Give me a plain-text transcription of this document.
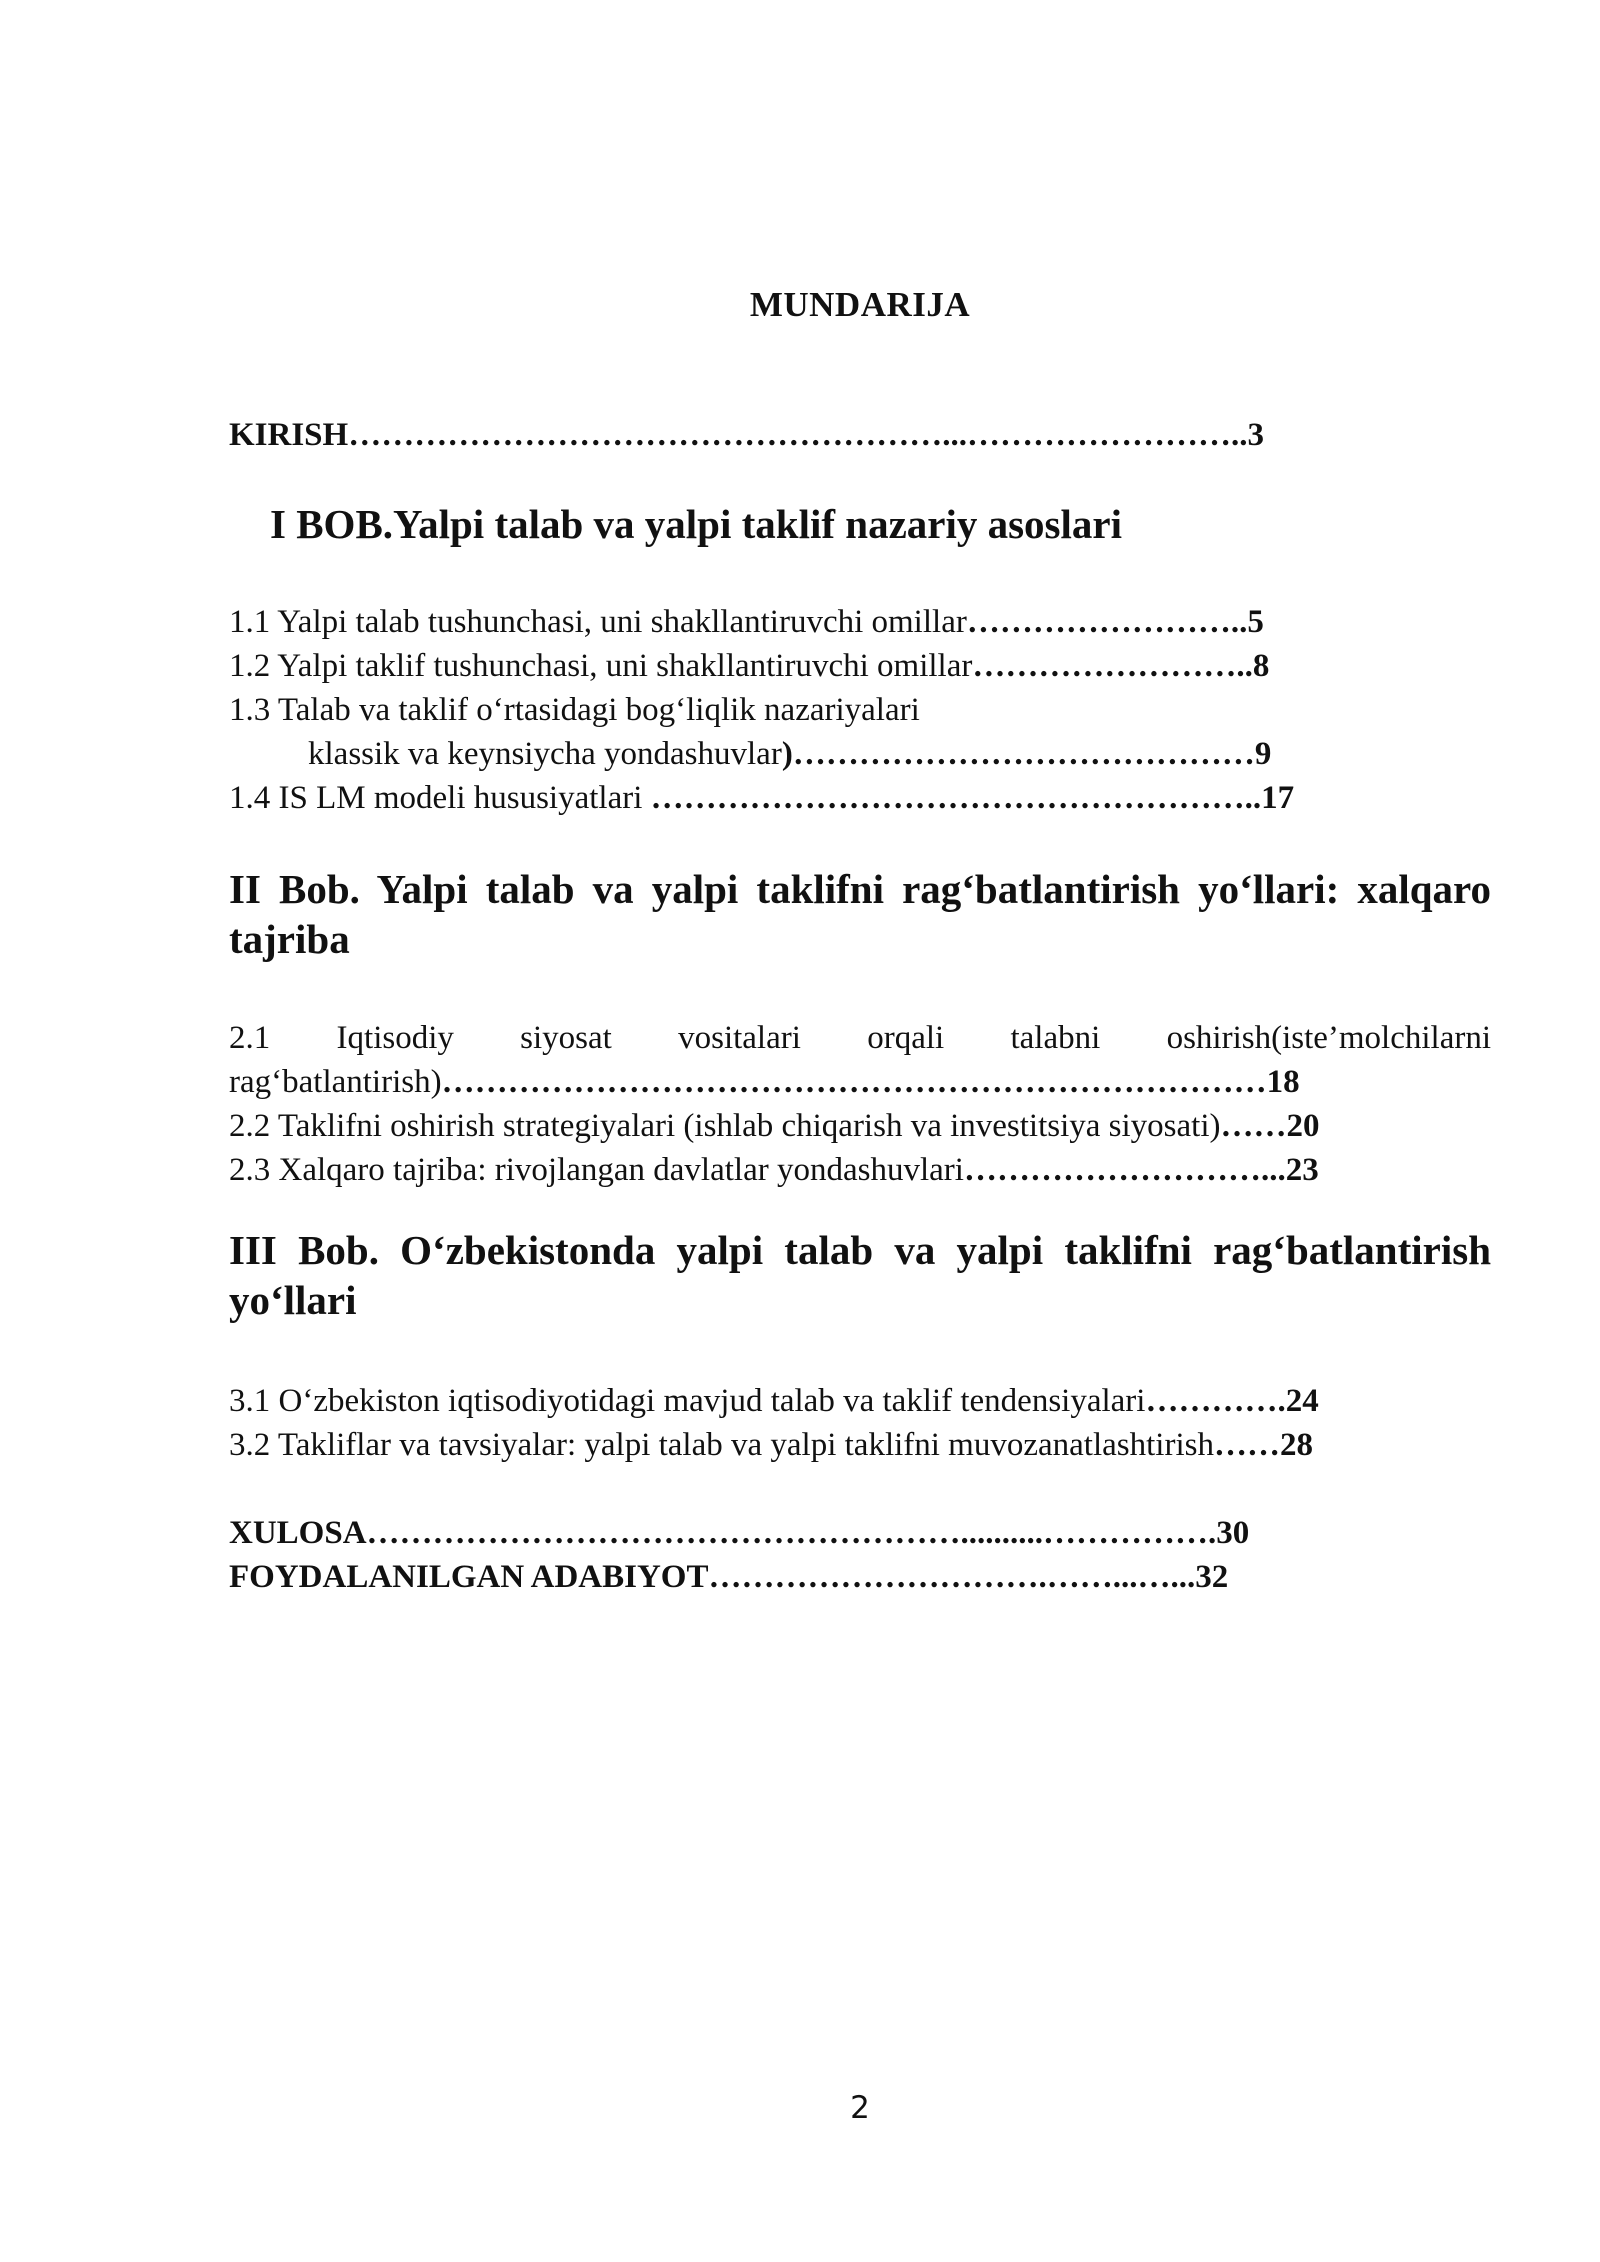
MUNDARIJA
KIRISH………………………………………………...……………………..3
I BOB.Yalpi talab va yalpi taklif nazariy asoslari
1.1 Yalpi talab tushunchasi, uni shakllantiruvchi omillar……………………..5
1.2 Yalpi taklif tushunchasi, uni shakllantiruvchi omillar……………………..8
1.3 Talab va taklif oʻrtasidagi bogʻliqlik nazariyalari
klassik va keynsiycha yondashuvlar)……………………………………9
1.4 IS LM modeli hususiyatlari ………………………………………………..17
II Bob. Yalpi talab va yalpi taklifni ragʻbatlantirish yoʻllari: xalqaro
tajriba
2.1 Iqtisodiy siyosat vositalari orqali talabni oshirish(iste’molchilarni
ragʻbatlantirish)…………………………………………………………………18
2.2 Taklifni oshirish strategiyalari (ishlab chiqarish va investitsiya siyosati)……20
2.3 Xalqaro tajriba: rivojlangan davlatlar yondashuvlari………………………...23
III Bob. Oʻzbekistonda yalpi talab va yalpi taklifni ragʻbatlantirish
yoʻllari
3.1 Oʻzbekiston iqtisodiyotidagi mavjud talab va taklif tendensiyalari………….24
3.2 Takliflar va tavsiyalar: yalpi talab va yalpi taklifni muvozanatlashtirish……28
XULOSA………………………………………………..........…………….30
FOYDALANILGAN ADABIYOT………………………….……...…...32
2
